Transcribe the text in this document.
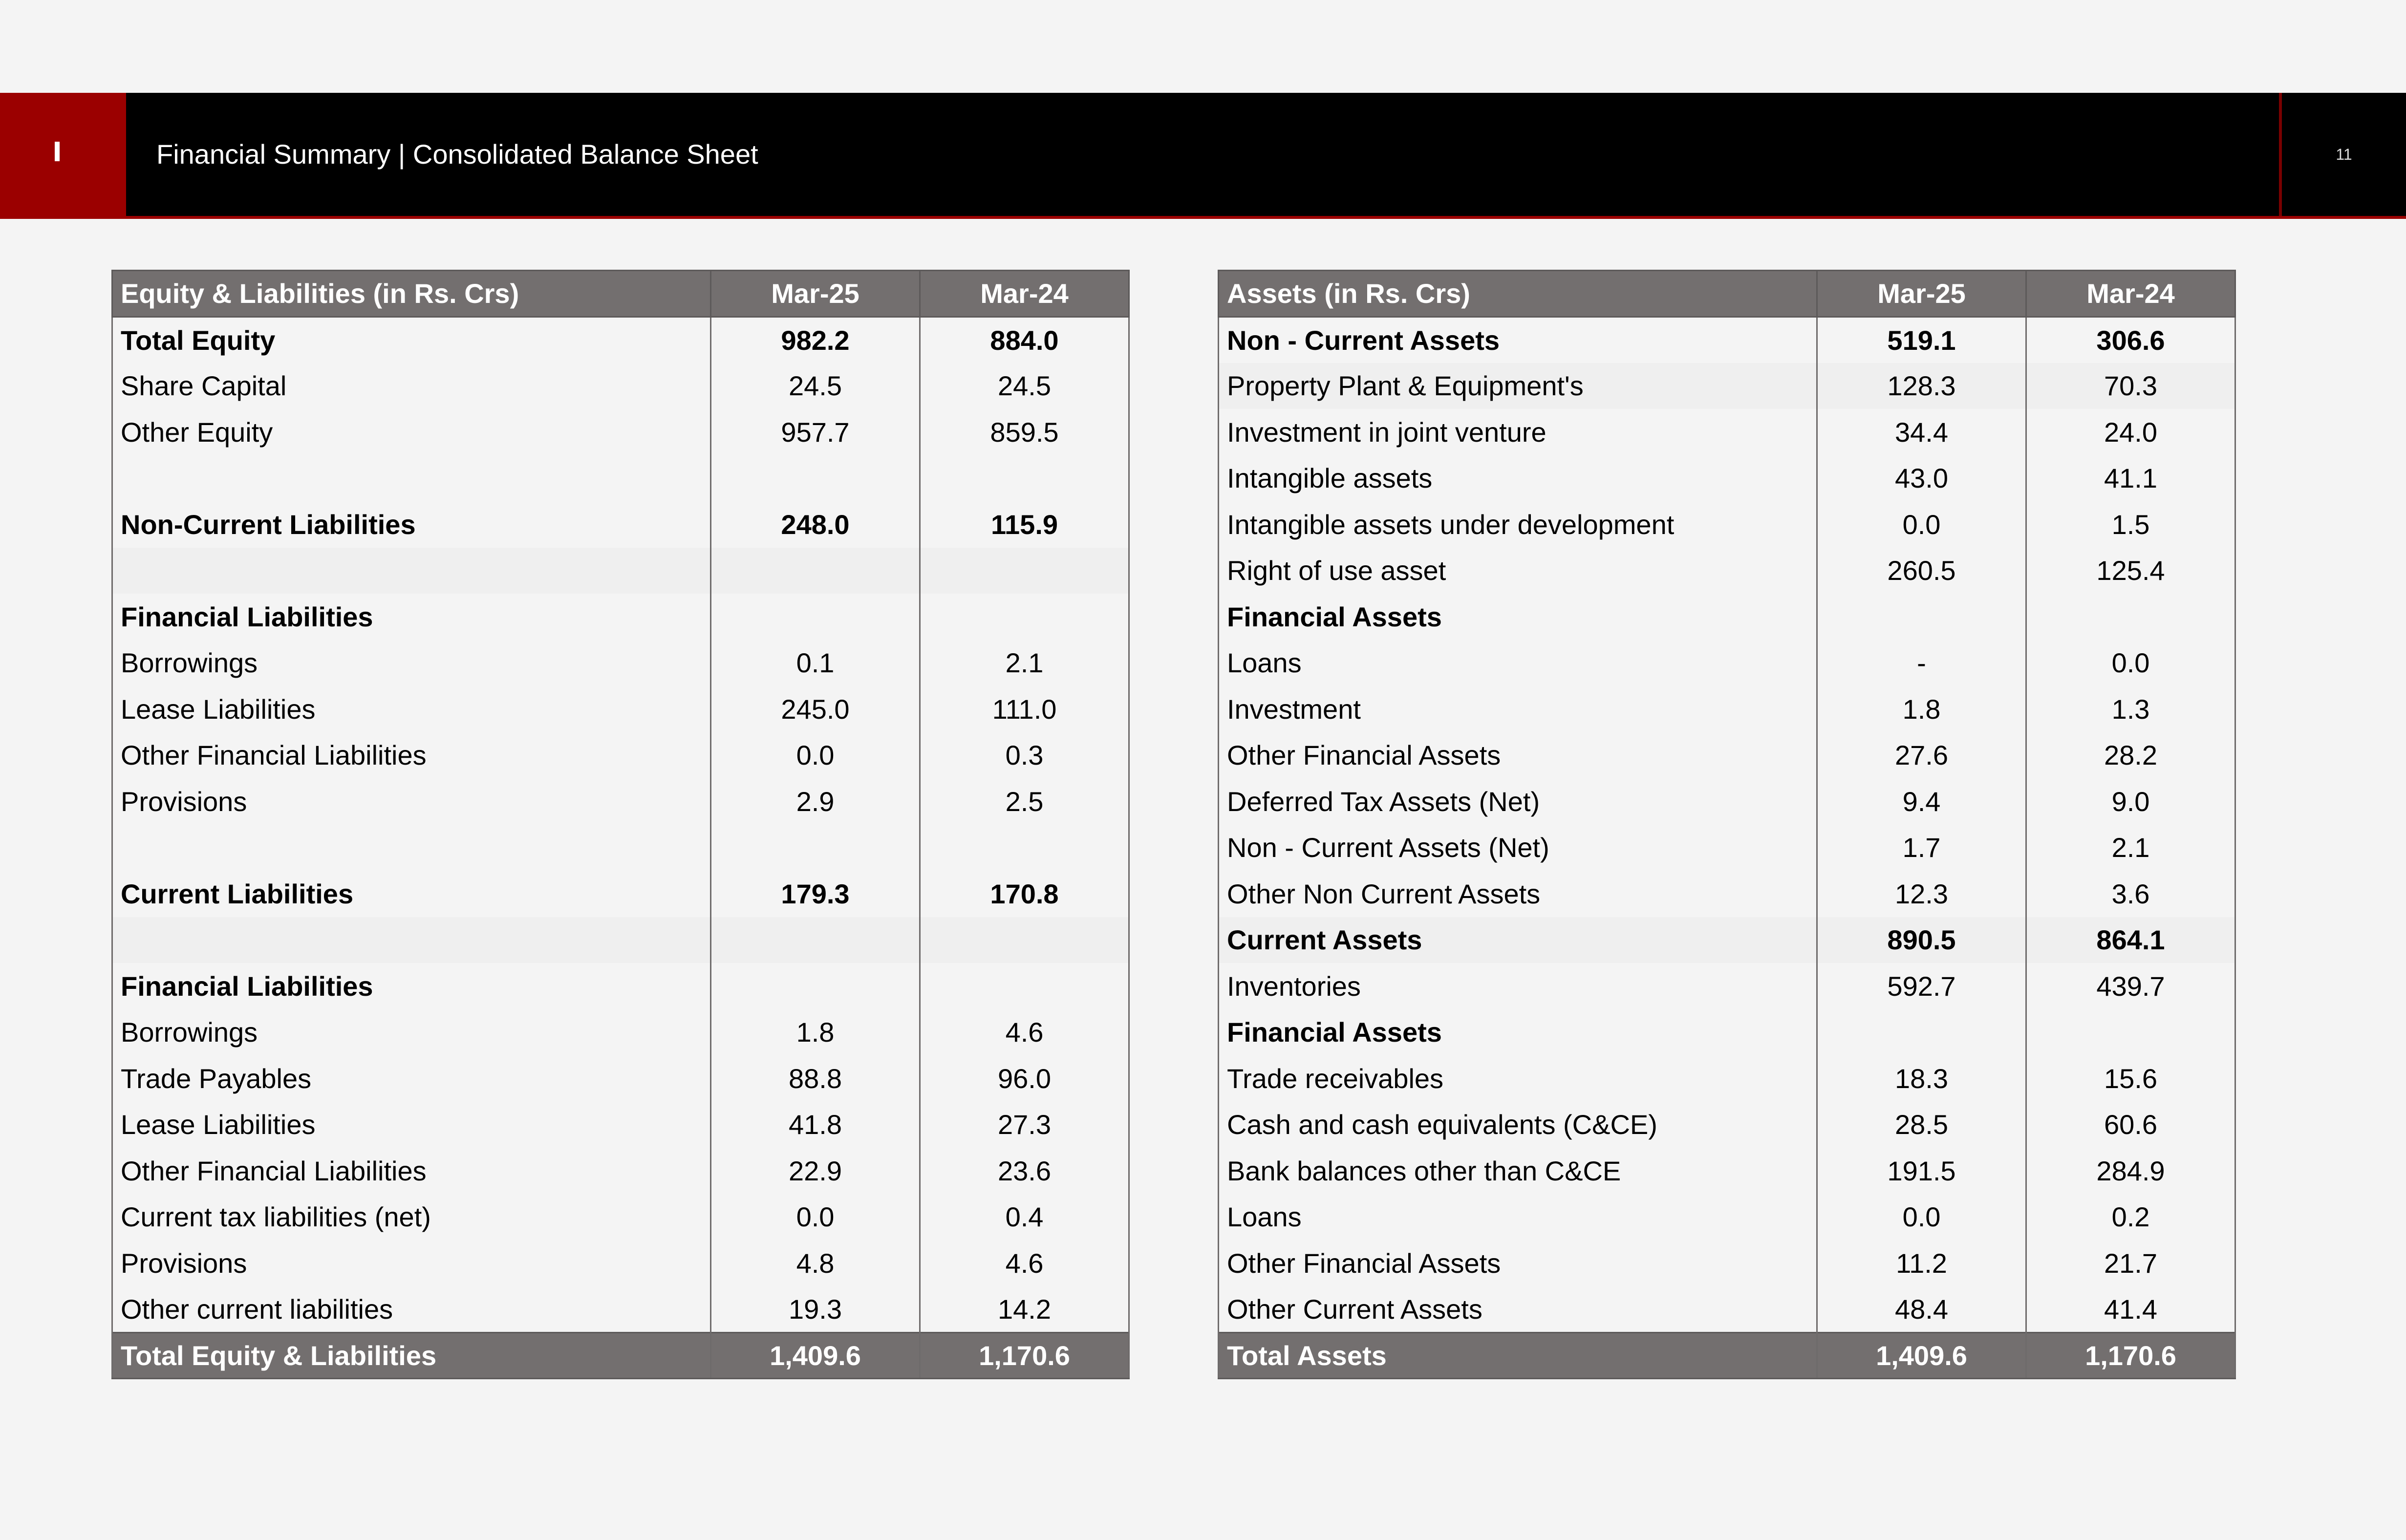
Financial Summary | Consolidated Balance Sheet	11
Equity & Liabilities (in Rs. Crs)	Mar-25	Mar-24
Total Equity	982.2	884.0
Share Capital	24.5	24.5
Other Equity	957.7	859.5

Non-Current Liabilities	248.0	115.9

Financial Liabilities		
Borrowings	0.1	2.1
Lease Liabilities	245.0	111.0
Other Financial Liabilities	0.0	0.3
Provisions	2.9	2.5

Current Liabilities	179.3	170.8

Financial Liabilities		
Borrowings	1.8	4.6
Trade Payables	88.8	96.0
Lease Liabilities	41.8	27.3
Other Financial Liabilities	22.9	23.6
Current tax liabilities (net)	0.0	0.4
Provisions	4.8	4.6
Other current liabilities	19.3	14.2
Total Equity & Liabilities	1,409.6	1,170.6
Assets (in Rs. Crs)	Mar-25	Mar-24
Non - Current Assets	519.1	306.6
Property Plant & Equipment's	128.3	70.3
Investment in joint venture	34.4	24.0
Intangible assets	43.0	41.1
Intangible assets under development	0.0	1.5
Right of use asset	260.5	125.4
Financial Assets		
Loans	-	0.0
Investment	1.8	1.3
Other Financial Assets	27.6	28.2
Deferred Tax Assets (Net)	9.4	9.0
Non - Current Assets (Net)	1.7	2.1
Other Non Current Assets	12.3	3.6
Current Assets	890.5	864.1
Inventories	592.7	439.7
Financial Assets		
Trade receivables	18.3	15.6
Cash and cash equivalents (C&CE)	28.5	60.6
Bank balances other than C&CE	191.5	284.9
Loans	0.0	0.2
Other Financial Assets	11.2	21.7
Other Current Assets	48.4	41.4
Total Assets	1,409.6	1,170.6
